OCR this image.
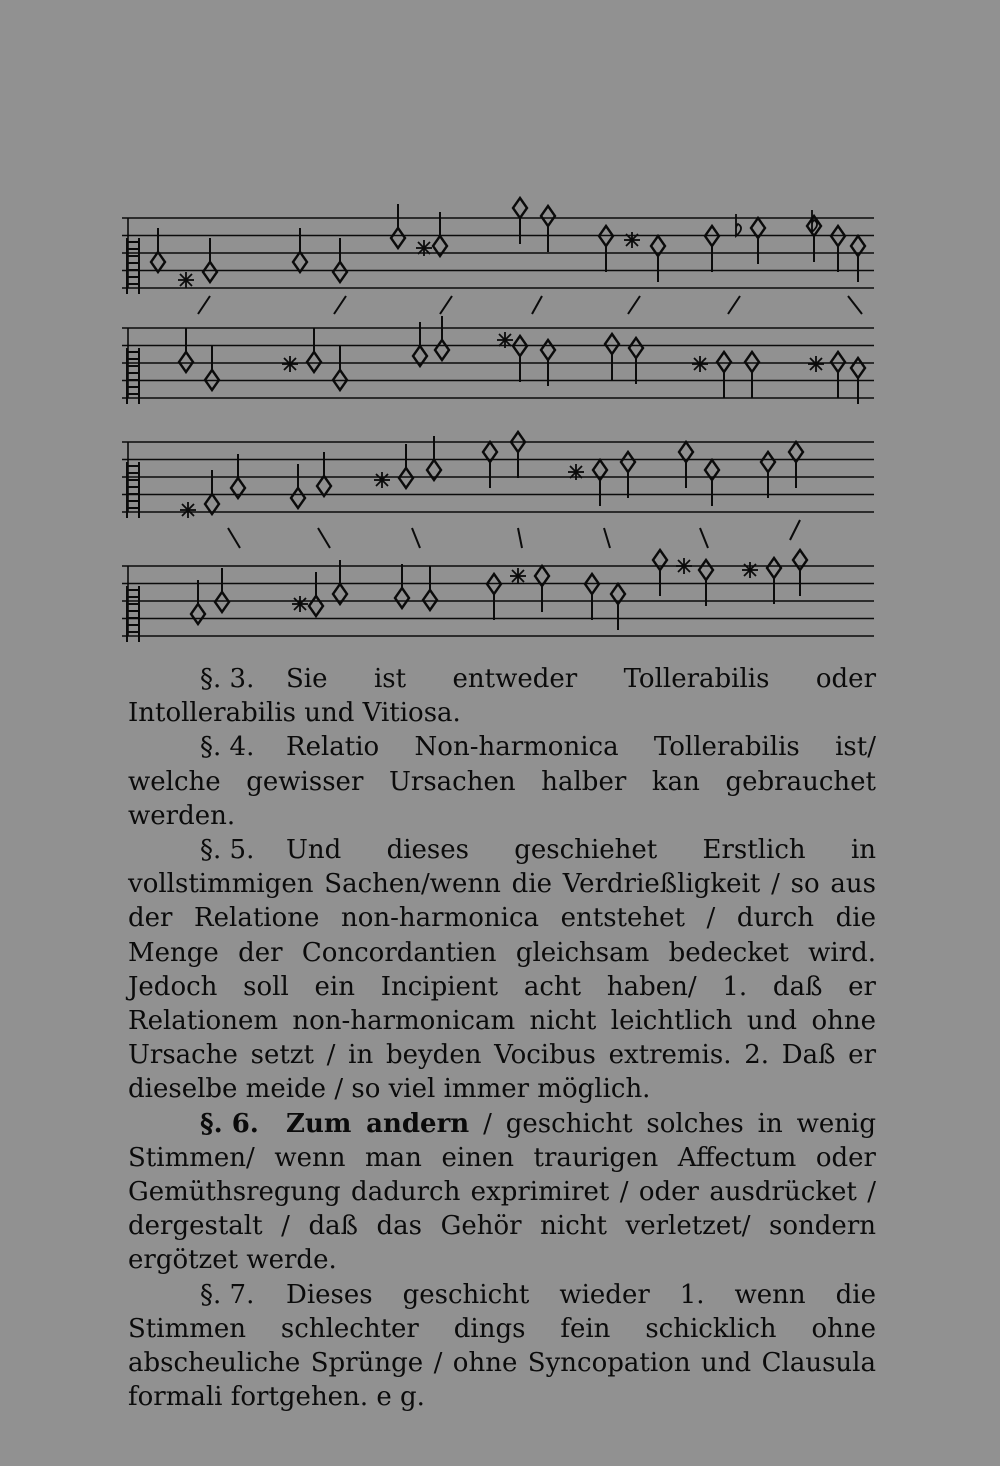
§. 3. Sie ist entweder Tollerabilis oder Intollerabilis und Vitiosa.

§. 4. Relatio Non-harmonica Tollerabilis ist/ welche gewisser Ursachen halber kan gebrauchet werden.

§. 5. Und dieses geschiehet Erstlich in vollstimmigen Sachen/wenn die Verdrießligkeit / so aus der Relatione non-harmonica entstehet / durch die Menge der Concordantien gleichsam bedecket wird. Jedoch soll ein Incipient acht haben/ 1. daß er Relationem non-harmonicam nicht leichtlich und ohne Ursache setzt / in beyden Vocibus extremis. 2. Daß er dieselbe meide / so viel immer möglich.

§. 6. Zum andern / geschicht solches in wenig Stimmen/ wenn man einen traurigen Affectum oder Gemüthsregung dadurch exprimiret / oder ausdrücket / dergestalt / daß das Gehör nicht verletzet/ sondern ergötzet werde.

§. 7. Dieses geschicht wieder 1. wenn die Stimmen schlechter dings fein schicklich ohne abscheuliche Sprünge / ohne Syncopation und Clausula formali fortgehen. e g.
